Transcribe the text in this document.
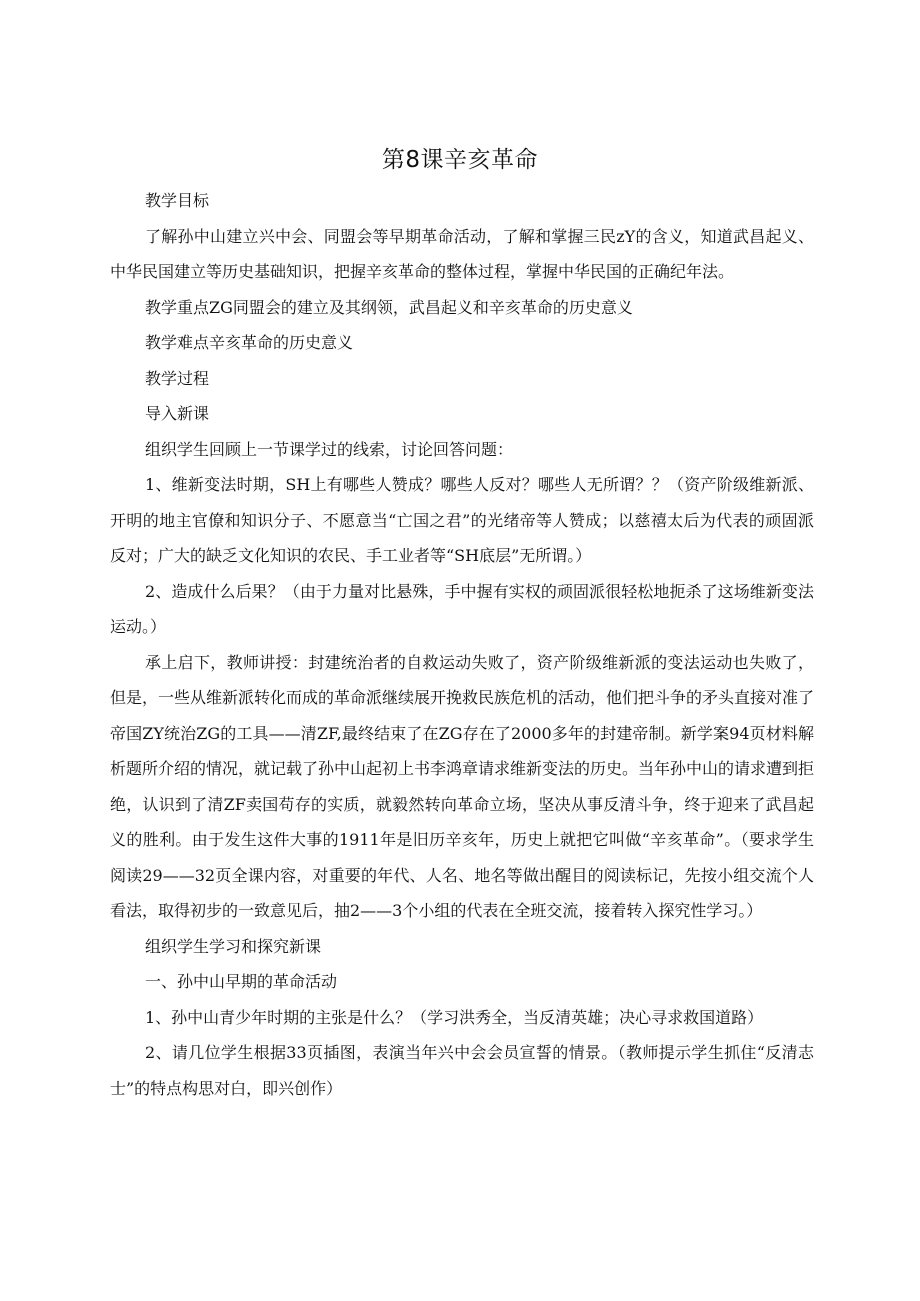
第8课辛亥革命

教学目标

了解孙中山建立兴中会、同盟会等早期革命活动，了解和掌握三民zY的含义，知道武昌起义、中华民国建立等历史基础知识，把握辛亥革命的整体过程，掌握中华民国的正确纪年法。

教学重点ZG同盟会的建立及其纲领，武昌起义和辛亥革命的历史意义

教学难点辛亥革命的历史意义

教学过程

导入新课

组织学生回顾上一节课学过的线索，讨论回答问题：

1、维新变法时期，SH上有哪些人赞成？哪些人反对？哪些人无所谓？？（资产阶级维新派、开明的地主官僚和知识分子、不愿意当“亡国之君”的光绪帝等人赞成；以慈禧太后为代表的顽固派反对；广大的缺乏文化知识的农民、手工业者等“SH底层”无所谓。）

2、造成什么后果？（由于力量对比悬殊，手中握有实权的顽固派很轻松地扼杀了这场维新变法运动。）

承上启下，教师讲授：封建统治者的自救运动失败了，资产阶级维新派的变法运动也失败了，但是，一些从维新派转化而成的革命派继续展开挽救民族危机的活动，他们把斗争的矛头直接对准了帝国ZY统治ZG的工具——清ZF,最终结束了在ZG存在了2000多年的封建帝制。新学案94页材料解析题所介绍的情况，就记载了孙中山起初上书李鸿章请求维新变法的历史。当年孙中山的请求遭到拒绝，认识到了清ZF卖国苟存的实质，就毅然转向革命立场，坚决从事反清斗争，终于迎来了武昌起义的胜利。由于发生这件大事的1911年是旧历辛亥年，历史上就把它叫做“辛亥革命”。（要求学生阅读29——32页全课内容，对重要的年代、人名、地名等做出醒目的阅读标记，先按小组交流个人看法，取得初步的一致意见后，抽2——3个小组的代表在全班交流，接着转入探究性学习。）

组织学生学习和探究新课

一、孙中山早期的革命活动

1、孙中山青少年时期的主张是什么？（学习洪秀全，当反清英雄；决心寻求救国道路）

2、请几位学生根据33页插图，表演当年兴中会会员宣誓的情景。（教师提示学生抓住“反清志士”的特点构思对白，即兴创作）
